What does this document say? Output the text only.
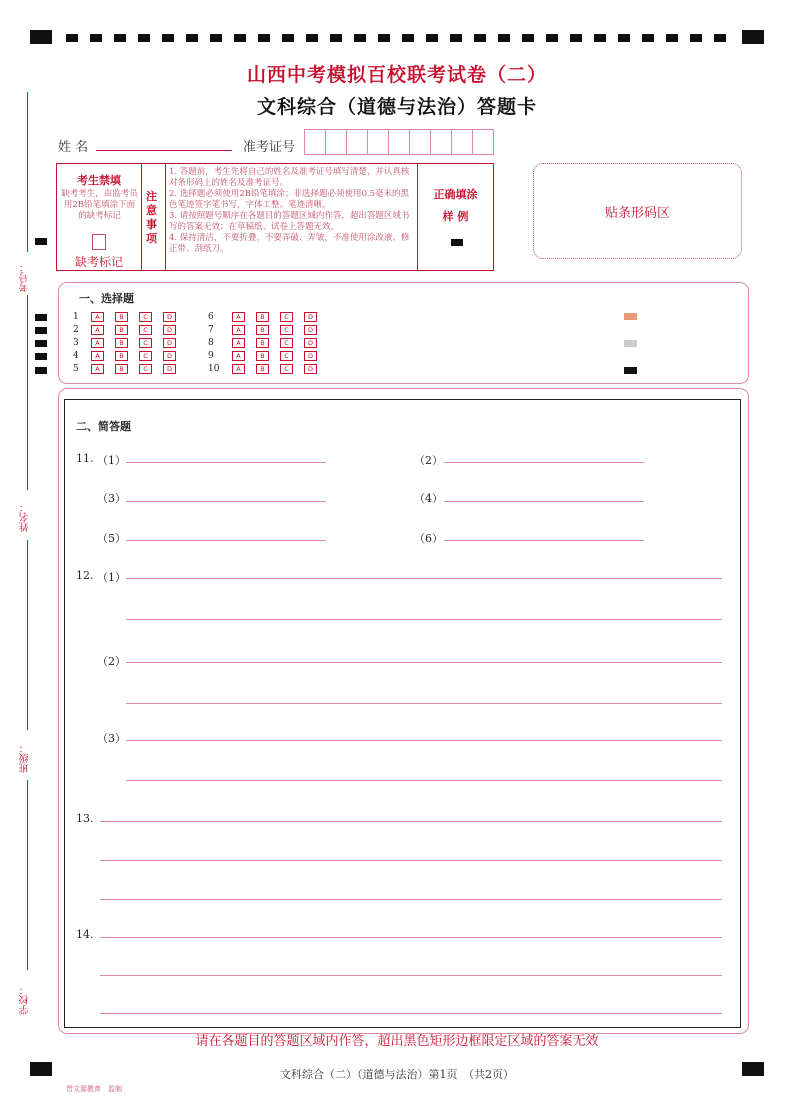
山西中考模拟百校联考试卷（二）
文科综合（道德与法治）答题卡
姓 名	准考证号
考生禁填
缺考考生，由监考员用2B铅笔填涂下面的缺考标记
缺考标记
注意事项
1. 答题前，考生先将自己的姓名及准考证号填写清楚，并认真核对条形码上的姓名及准考证号。
2. 选择题必须使用2B铅笔填涂；非选择题必须使用0.5毫米的黑色笔迹签字笔书写，字体工整、笔迹清晰。
3. 请按照题号顺序在各题目的答题区域内作答，超出答题区域书写的答案无效；在草稿纸、试卷上答题无效。
4. 保持清洁，不要折叠，不要弄破、弄皱，不准使用涂改液、修正带、刮纸刀。
正确填涂
样 例	贴条形码区
考号：
姓名：
班级：
学校：
一、选择题
1	A	B	C	D
2	A	B	C	D
3	A	B	C	D
4	A	B	C	D
5	A	B	C	D
6	A	B	C	D
7	A	B	C	D
8	A	B	C	D
9	A	B	C	D
10	A	B	C	D
二、简答题
11. （1）	（2）
（3）	（4）
（5）	（6）
12. （1）
（2）
（3）
13.
14.
请在各题目的答题区域内作答，超出黑色矩形边框限定区域的答案无效
文科综合（二）（道德与法治）第1页　（共2页）
晋文源教育　监制
